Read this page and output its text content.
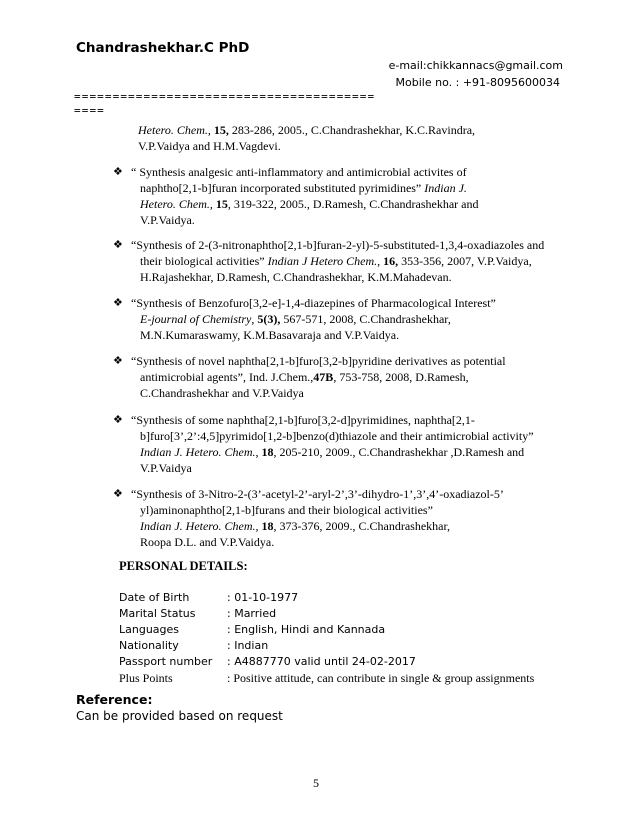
Chandrashekhar.C PhD
e-mail:chikkannacs@gmail.com
Mobile no. : +91-8095600034
=======================================
====
Hetero. Chem., 15, 283-286, 2005., C.Chandrashekhar, K.C.Ravindra,
V.P.Vaidya and H.M.Vagdevi.
❖ “ Synthesis analgesic anti-inflammatory and antimicrobial activites of
naphtho[2,1-b]furan incorporated substituted pyrimidines” Indian J.
Hetero. Chem., 15, 319-322, 2005., D.Ramesh, C.Chandrashekhar and
V.P.Vaidya.
❖ “Synthesis of 2-(3-nitronaphtho[2,1-b]furan-2-yl)-5-substituted-1,3,4-oxadiazoles and
their biological activities” Indian J Hetero Chem., 16, 353-356, 2007, V.P.Vaidya,
H.Rajashekhar, D.Ramesh, C.Chandrashekhar, K.M.Mahadevan.
❖ “Synthesis of Benzofuro[3,2-e]-1,4-diazepines of Pharmacological Interest”
E-journal of Chemistry, 5(3), 567-571, 2008, C.Chandrashekhar,
M.N.Kumaraswamy, K.M.Basavaraja and V.P.Vaidya.
❖ “Synthesis of novel naphtha[2,1-b]furo[3,2-b]pyridine derivatives as potential
antimicrobial agents”, Ind. J.Chem.,47B, 753-758, 2008, D.Ramesh,
C.Chandrashekhar and V.P.Vaidya
❖ “Synthesis of some naphtha[2,1-b]furo[3,2-d]pyrimidines, naphtha[2,1-
b]furo[3’,2’:4,5]pyrimido[1,2-b]benzo(d)thiazole and their antimicrobial activity”
Indian J. Hetero. Chem., 18, 205-210, 2009., C.Chandrashekhar ,D.Ramesh and
V.P.Vaidya
❖ “Synthesis of 3-Nitro-2-(3’-acetyl-2’-aryl-2’,3’-dihydro-1’,3’,4’-oxadiazol-5’
yl)aminonaphtho[2,1-b]furans and their biological activities”
Indian J. Hetero. Chem., 18, 373-376, 2009., C.Chandrashekhar,
Roopa D.L. and V.P.Vaidya.
PERSONAL DETAILS:
Date of Birth	: 01-10-1977
Marital Status	: Married
Languages	: English, Hindi and Kannada
Nationality	: Indian
Passport number : A4887770 valid until 24-02-2017
Plus Points	: Positive attitude, can contribute in single & group assignments
Reference:
Can be provided based on request
5
